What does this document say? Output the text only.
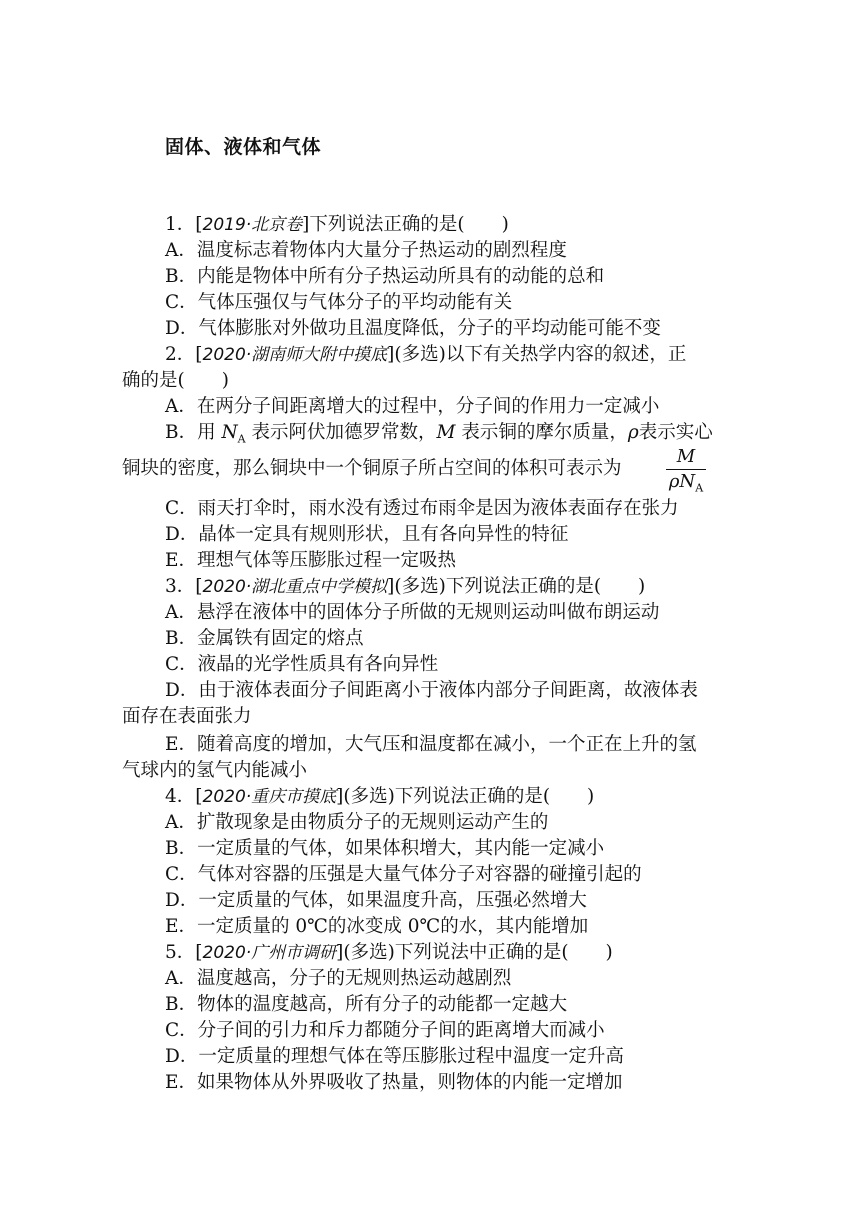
固体、液体和气体
1．[2019·北京卷]下列说法正确的是(　　)
A．温度标志着物体内大量分子热运动的剧烈程度
B．内能是物体中所有分子热运动所具有的动能的总和
C．气体压强仅与气体分子的平均动能有关
D．气体膨胀对外做功且温度降低，分子的平均动能可能不变
2．[2020·湖南师大附中摸底](多选)以下有关热学内容的叙述，正
确的是(　　)
A．在两分子间距离增大的过程中，分子间的作用力一定减小
B．用 $N_A$ 表示阿伏加德罗常数，M 表示铜的摩尔质量，ρ表示实心
铜块的密度，那么铜块中一个铜原子所占空间的体积可表示为
M
$\rho N_A$
C．雨天打伞时，雨水没有透过布雨伞是因为液体表面存在张力
D．晶体一定具有规则形状，且有各向异性的特征
E．理想气体等压膨胀过程一定吸热
3．[2020·湖北重点中学模拟](多选)下列说法正确的是(　　)
A．悬浮在液体中的固体分子所做的无规则运动叫做布朗运动
B．金属铁有固定的熔点
C．液晶的光学性质具有各向异性
D．由于液体表面分子间距离小于液体内部分子间距离，故液体表
面存在表面张力
E．随着高度的增加，大气压和温度都在减小，一个正在上升的氢
气球内的氢气内能减小
4．[2020·重庆市摸底](多选)下列说法正确的是(　　)
A．扩散现象是由物质分子的无规则运动产生的
B．一定质量的气体，如果体积增大，其内能一定减小
C．气体对容器的压强是大量气体分子对容器的碰撞引起的
D．一定质量的气体，如果温度升高，压强必然增大
E．一定质量的 0℃的冰变成 0℃的水，其内能增加
5．[2020·广州市调研](多选)下列说法中正确的是(　　)
A．温度越高，分子的无规则热运动越剧烈
B．物体的温度越高，所有分子的动能都一定越大
C．分子间的引力和斥力都随分子间的距离增大而减小
D．一定质量的理想气体在等压膨胀过程中温度一定升高
E．如果物体从外界吸收了热量，则物体的内能一定增加
